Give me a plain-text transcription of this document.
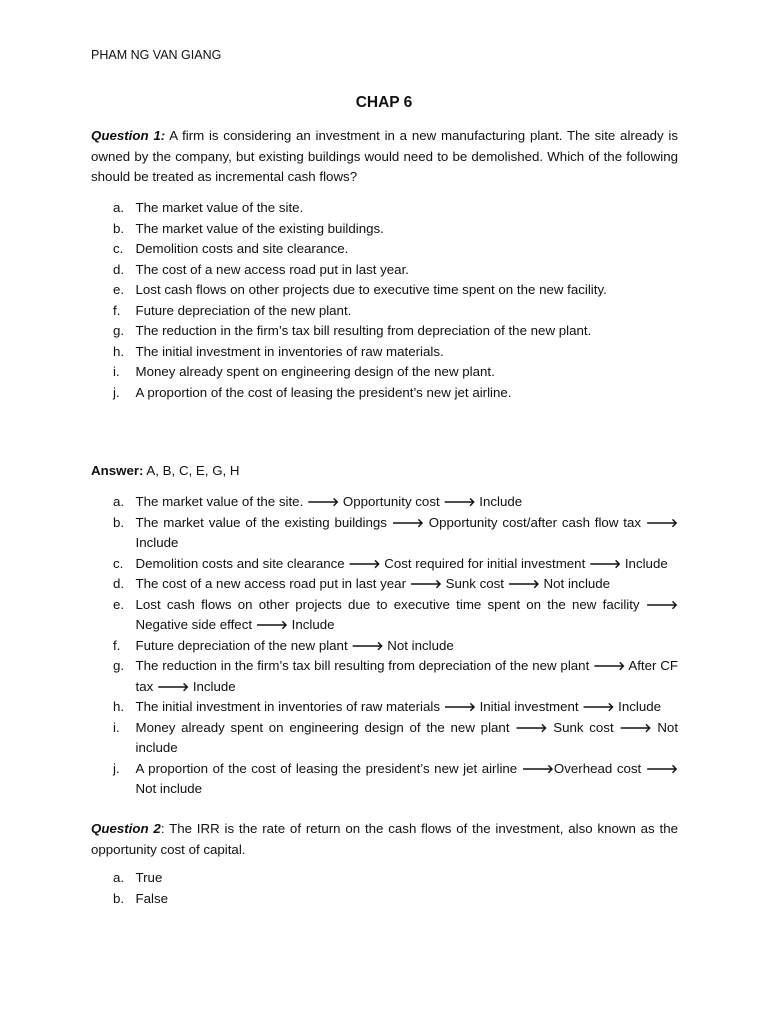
PHAM NG VAN GIANG
CHAP 6
Question 1: A firm is considering an investment in a new manufacturing plant. The site already is owned by the company, but existing buildings would need to be demolished. Which of the following should be treated as incremental cash flows?
a. The market value of the site.
b. The market value of the existing buildings.
c. Demolition costs and site clearance.
d. The cost of a new access road put in last year.
e. Lost cash flows on other projects due to executive time spent on the new facility.
f. Future depreciation of the new plant.
g. The reduction in the firm’s tax bill resulting from depreciation of the new plant.
h. The initial investment in inventories of raw materials.
i. Money already spent on engineering design of the new plant.
j. A proportion of the cost of leasing the president’s new jet airline.
Answer: A, B, C, E, G, H
a. The market value of the site. 🡒 Opportunity cost 🡒 Include
b. The market value of the existing buildings 🡒 Opportunity cost/after cash flow tax 🡒 Include
c. Demolition costs and site clearance 🡒 Cost required for initial investment 🡒 Include
d. The cost of a new access road put in last year 🡒 Sunk cost 🡒 Not include
e. Lost cash flows on other projects due to executive time spent on the new facility 🡒 Negative side effect 🡒 Include
f. Future depreciation of the new plant 🡒 Not include
g. The reduction in the firm’s tax bill resulting from depreciation of the new plant 🡒 After CF tax 🡒 Include
h. The initial investment in inventories of raw materials 🡒 Initial investment 🡒 Include
i. Money already spent on engineering design of the new plant 🡒 Sunk cost 🡒 Not include
j. A proportion of the cost of leasing the president’s new jet airline 🡒Overhead cost 🡒 Not include
Question 2: The IRR is the rate of return on the cash flows of the investment, also known as the opportunity cost of capital.
a. True
b. False
